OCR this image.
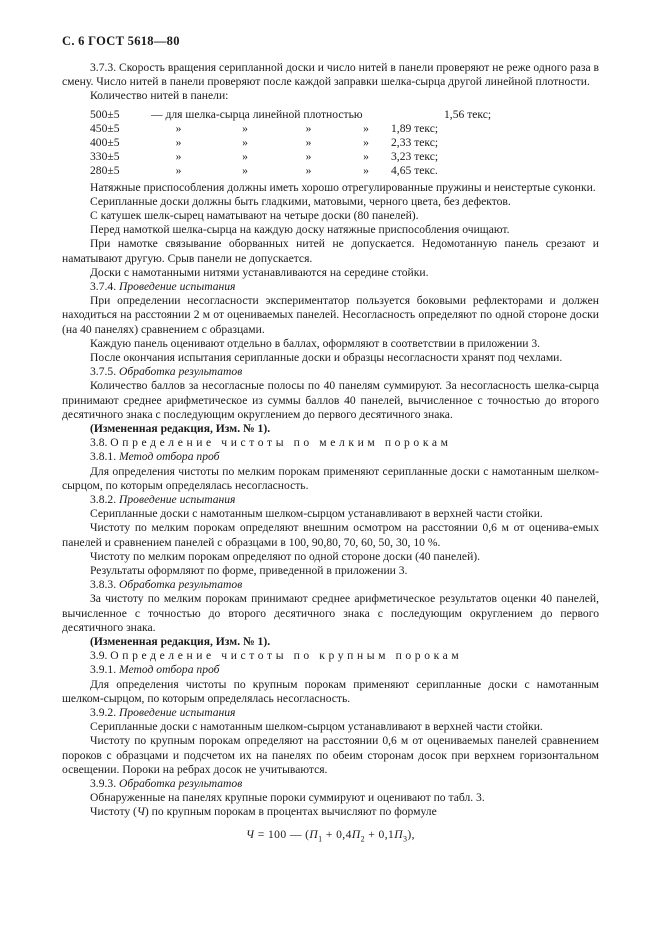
С. 6 ГОСТ 5618—80

3.7.3. Скорость вращения серипланной доски и число нитей в панели проверяют не реже одного раза в смену. Число нитей в панели проверяют после каждой заправки шелка-сырца другой линейной плотности.

Количество нитей в панели:

500±5	— для шелка-сырца линейной плотностью	1,56 текс;
450±5	»	»	»	»	1,89 текс;
400±5	»	»	»	»	2,33 текс;
330±5	»	»	»	»	3,23 текс;
280±5	»	»	»	»	4,65 текс.

Натяжные приспособления должны иметь хорошо отрегулированные пружины и неистертые суконки.

Серипланные доски должны быть гладкими, матовыми, черного цвета, без дефектов.

С катушек шелк-сырец наматывают на четыре доски (80 панелей).

Перед намоткой шелка-сырца на каждую доску натяжные приспособления очищают.

При намотке связывание оборванных нитей не допускается. Недомотанную панель срезают и наматывают другую. Срыв панели не допускается.

Доски с намотанными нитями устанавливаются на середине стойки.

3.7.4. Проведение испытания

При определении несогласности экспериментатор пользуется боковыми рефлекторами и должен находиться на расстоянии 2 м от оцениваемых панелей. Несогласность определяют по одной стороне доски (на 40 панелях) сравнением с образцами.

Каждую панель оценивают отдельно в баллах, оформляют в соответствии в приложении 3.

После окончания испытания серипланные доски и образцы несогласности хранят под чехлами.

3.7.5. Обработка результатов

Количество баллов за несогласные полосы по 40 панелям суммируют. За несогласность шелка-сырца принимают среднее арифметическое из суммы баллов 40 панелей, вычисленное с точностью до второго десятичного знака с последующим округлением до первого десятичного знака.

(Измененная редакция, Изм. № 1).

3.8. Определение чистоты по мелким порокам

3.8.1. Метод отбора проб

Для определения чистоты по мелким порокам применяют серипланные доски с намотанным шелком-сырцом, по которым определялась несогласность.

3.8.2. Проведение испытания

Серипланные доски с намотанным шелком-сырцом устанавливают в верхней части стойки.

Чистоту по мелким порокам определяют внешним осмотром на расстоянии 0,6 м от оценива-емых панелей и сравнением панелей с образцами в 100, 90,80, 70, 60, 50, 30, 10 %.

Чистоту по мелким порокам определяют по одной стороне доски (40 панелей).

Результаты оформляют по форме, приведенной в приложении 3.

3.8.3. Обработка результатов

За чистоту по мелким порокам принимают среднее арифметическое результатов оценки 40 панелей, вычисленное с точностью до второго десятичного знака с последующим округлением до первого десятичного знака.

(Измененная редакция, Изм. № 1).

3.9. Определение чистоты по крупным порокам

3.9.1. Метод отбора проб

Для определения чистоты по крупным порокам применяют серипланные доски с намотанным шелком-сырцом, по которым определялась несогласность.

3.9.2. Проведение испытания

Серипланные доски с намотанным шелком-сырцом устанавливают в верхней части стойки.

Чистоту по крупным порокам определяют на расстоянии 0,6 м от оцениваемых панелей сравнением пороков с образцами и подсчетом их на панелях по обеим сторонам досок при верхнем горизонтальном освещении. Пороки на ребрах досок не учитываются.

3.9.3. Обработка результатов

Обнаруженные на панелях крупные пороки суммируют и оценивают по табл. 3.

Чистоту (Ч) по крупным порокам в процентах вычисляют по формуле

Ч = 100 — $(П_1 + 0,4П_2 + 0,1П_3)$,
